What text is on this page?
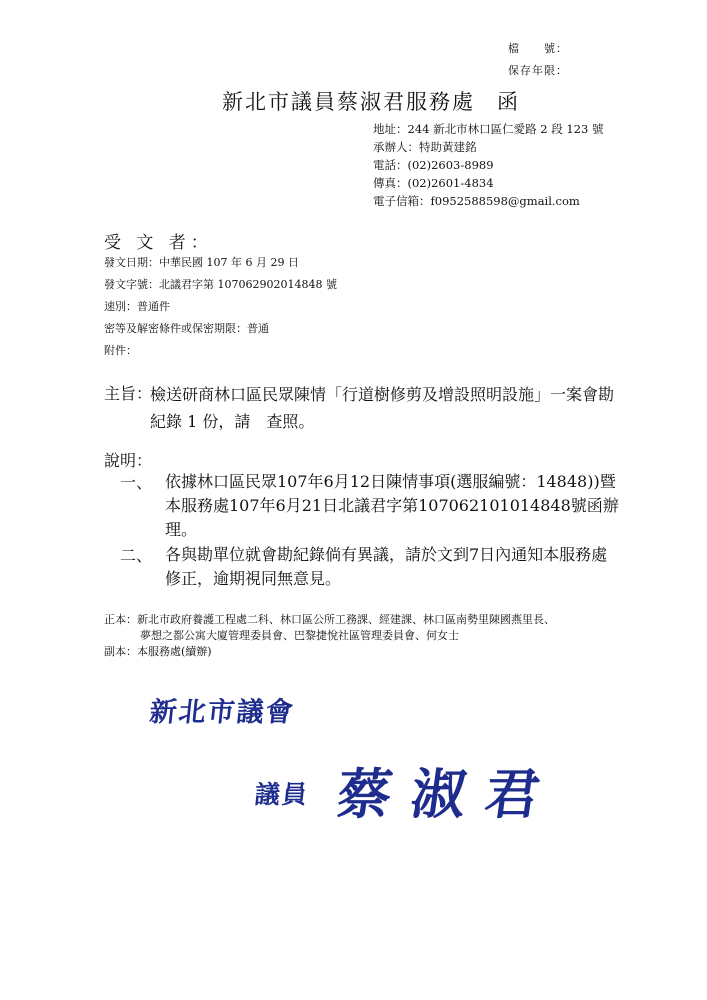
檔　　號：
保存年限：
新北市議員蔡淑君服務處 函
地址：244 新北市林口區仁愛路 2 段 123 號
承辦人：特助黃建銘
電話：(02)2603-8989
傳真：(02)2601-4834
電子信箱：f0952588598@gmail.com
受 文 者：
發文日期：中華民國 107 年 6 月 29 日
發文字號：北議君字第 107062902014848 號
速別：普通件
密等及解密條件或保密期限：普通
附件：
主旨：
檢送研商林口區民眾陳情「行道樹修剪及增設照明設施」一案會勘紀錄 1 份，請　查照。
說明：
一、 依據林口區民眾107年6月12日陳情事項(選服編號：14848))暨本服務處107年6月21日北議君字第107062101014848號函辦理。
二、 各與勘單位就會勘紀錄倘有異議，請於文到7日內通知本服務處修正，逾期視同無意見。
正本：新北市政府養護工程處二科、林口區公所工務課、經建課、林口區南勢里陳國燕里長、
夢想之都公寓大廈管理委員會、巴黎捷悅社區管理委員會、何女士
副本：本服務處(續辦)
新北市議會
議員 蔡淑君
